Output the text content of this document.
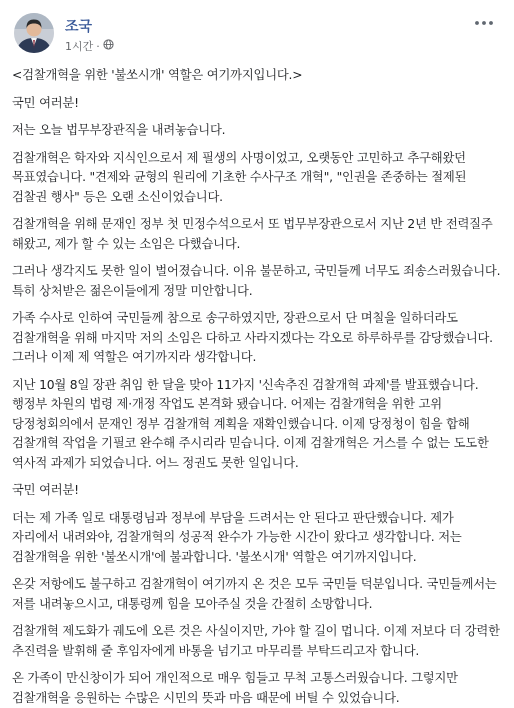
조국
1시간 ·

<검찰개혁을 위한 '불쏘시개' 역할은 여기까지입니다.>

국민 여러분!

저는 오늘 법무부장관직을 내려놓습니다.

검찰개혁은 학자와 지식인으로서 제 필생의 사명이었고, 오랫동안 고민하고 추구해왔던 목표였습니다. "견제와 균형의 원리에 기초한 수사구조 개혁", "인권을 존중하는 절제된 검찰권 행사" 등은 오랜 소신이었습니다.

검찰개혁을 위해 문재인 정부 첫 민정수석으로서 또 법무부장관으로서 지난 2년 반 전력질주 해왔고, 제가 할 수 있는 소임은 다했습니다.

그러나 생각지도 못한 일이 벌어졌습니다. 이유 불문하고, 국민들께 너무도 죄송스러웠습니다. 특히 상처받은 젊은이들에게 정말 미안합니다.

가족 수사로 인하여 국민들께 참으로 송구하였지만, 장관으로서 단 며칠을 일하더라도 검찰개혁을 위해 마지막 저의 소임은 다하고 사라지겠다는 각오로 하루하루를 감당했습니다. 그러나 이제 제 역할은 여기까지라 생각합니다.

지난 10월 8일 장관 취임 한 달을 맞아 11가지 '신속추진 검찰개혁 과제'를 발표했습니다. 행정부 차원의 법령 제·개정 작업도 본격화 됐습니다. 어제는 검찰개혁을 위한 고위 당정청회의에서 문재인 정부 검찰개혁 계획을 재확인했습니다. 이제 당정청이 힘을 합해 검찰개혁 작업을 기필코 완수해 주시리라 믿습니다. 이제 검찰개혁은 거스를 수 없는 도도한 역사적 과제가 되었습니다. 어느 정권도 못한 일입니다.

국민 여러분!

더는 제 가족 일로 대통령님과 정부에 부담을 드려서는 안 된다고 판단했습니다. 제가 자리에서 내려와야, 검찰개혁의 성공적 완수가 가능한 시간이 왔다고 생각합니다. 저는 검찰개혁을 위한 '불쏘시개'에 불과합니다. '불쏘시개' 역할은 여기까지입니다.

온갖 저항에도 불구하고 검찰개혁이 여기까지 온 것은 모두 국민들 덕분입니다. 국민들께서는 저를 내려놓으시고, 대통령께 힘을 모아주실 것을 간절히 소망합니다.

검찰개혁 제도화가 궤도에 오른 것은 사실이지만, 가야 할 길이 멉니다. 이제 저보다 더 강력한 추진력을 발휘해 줄 후임자에게 바통을 넘기고 마무리를 부탁드리고자 합니다.

온 가족이 만신창이가 되어 개인적으로 매우 힘들고 무척 고통스러웠습니다. 그렇지만 검찰개혁을 응원하는 수많은 시민의 뜻과 마음 때문에 버틸 수 있었습니다.
